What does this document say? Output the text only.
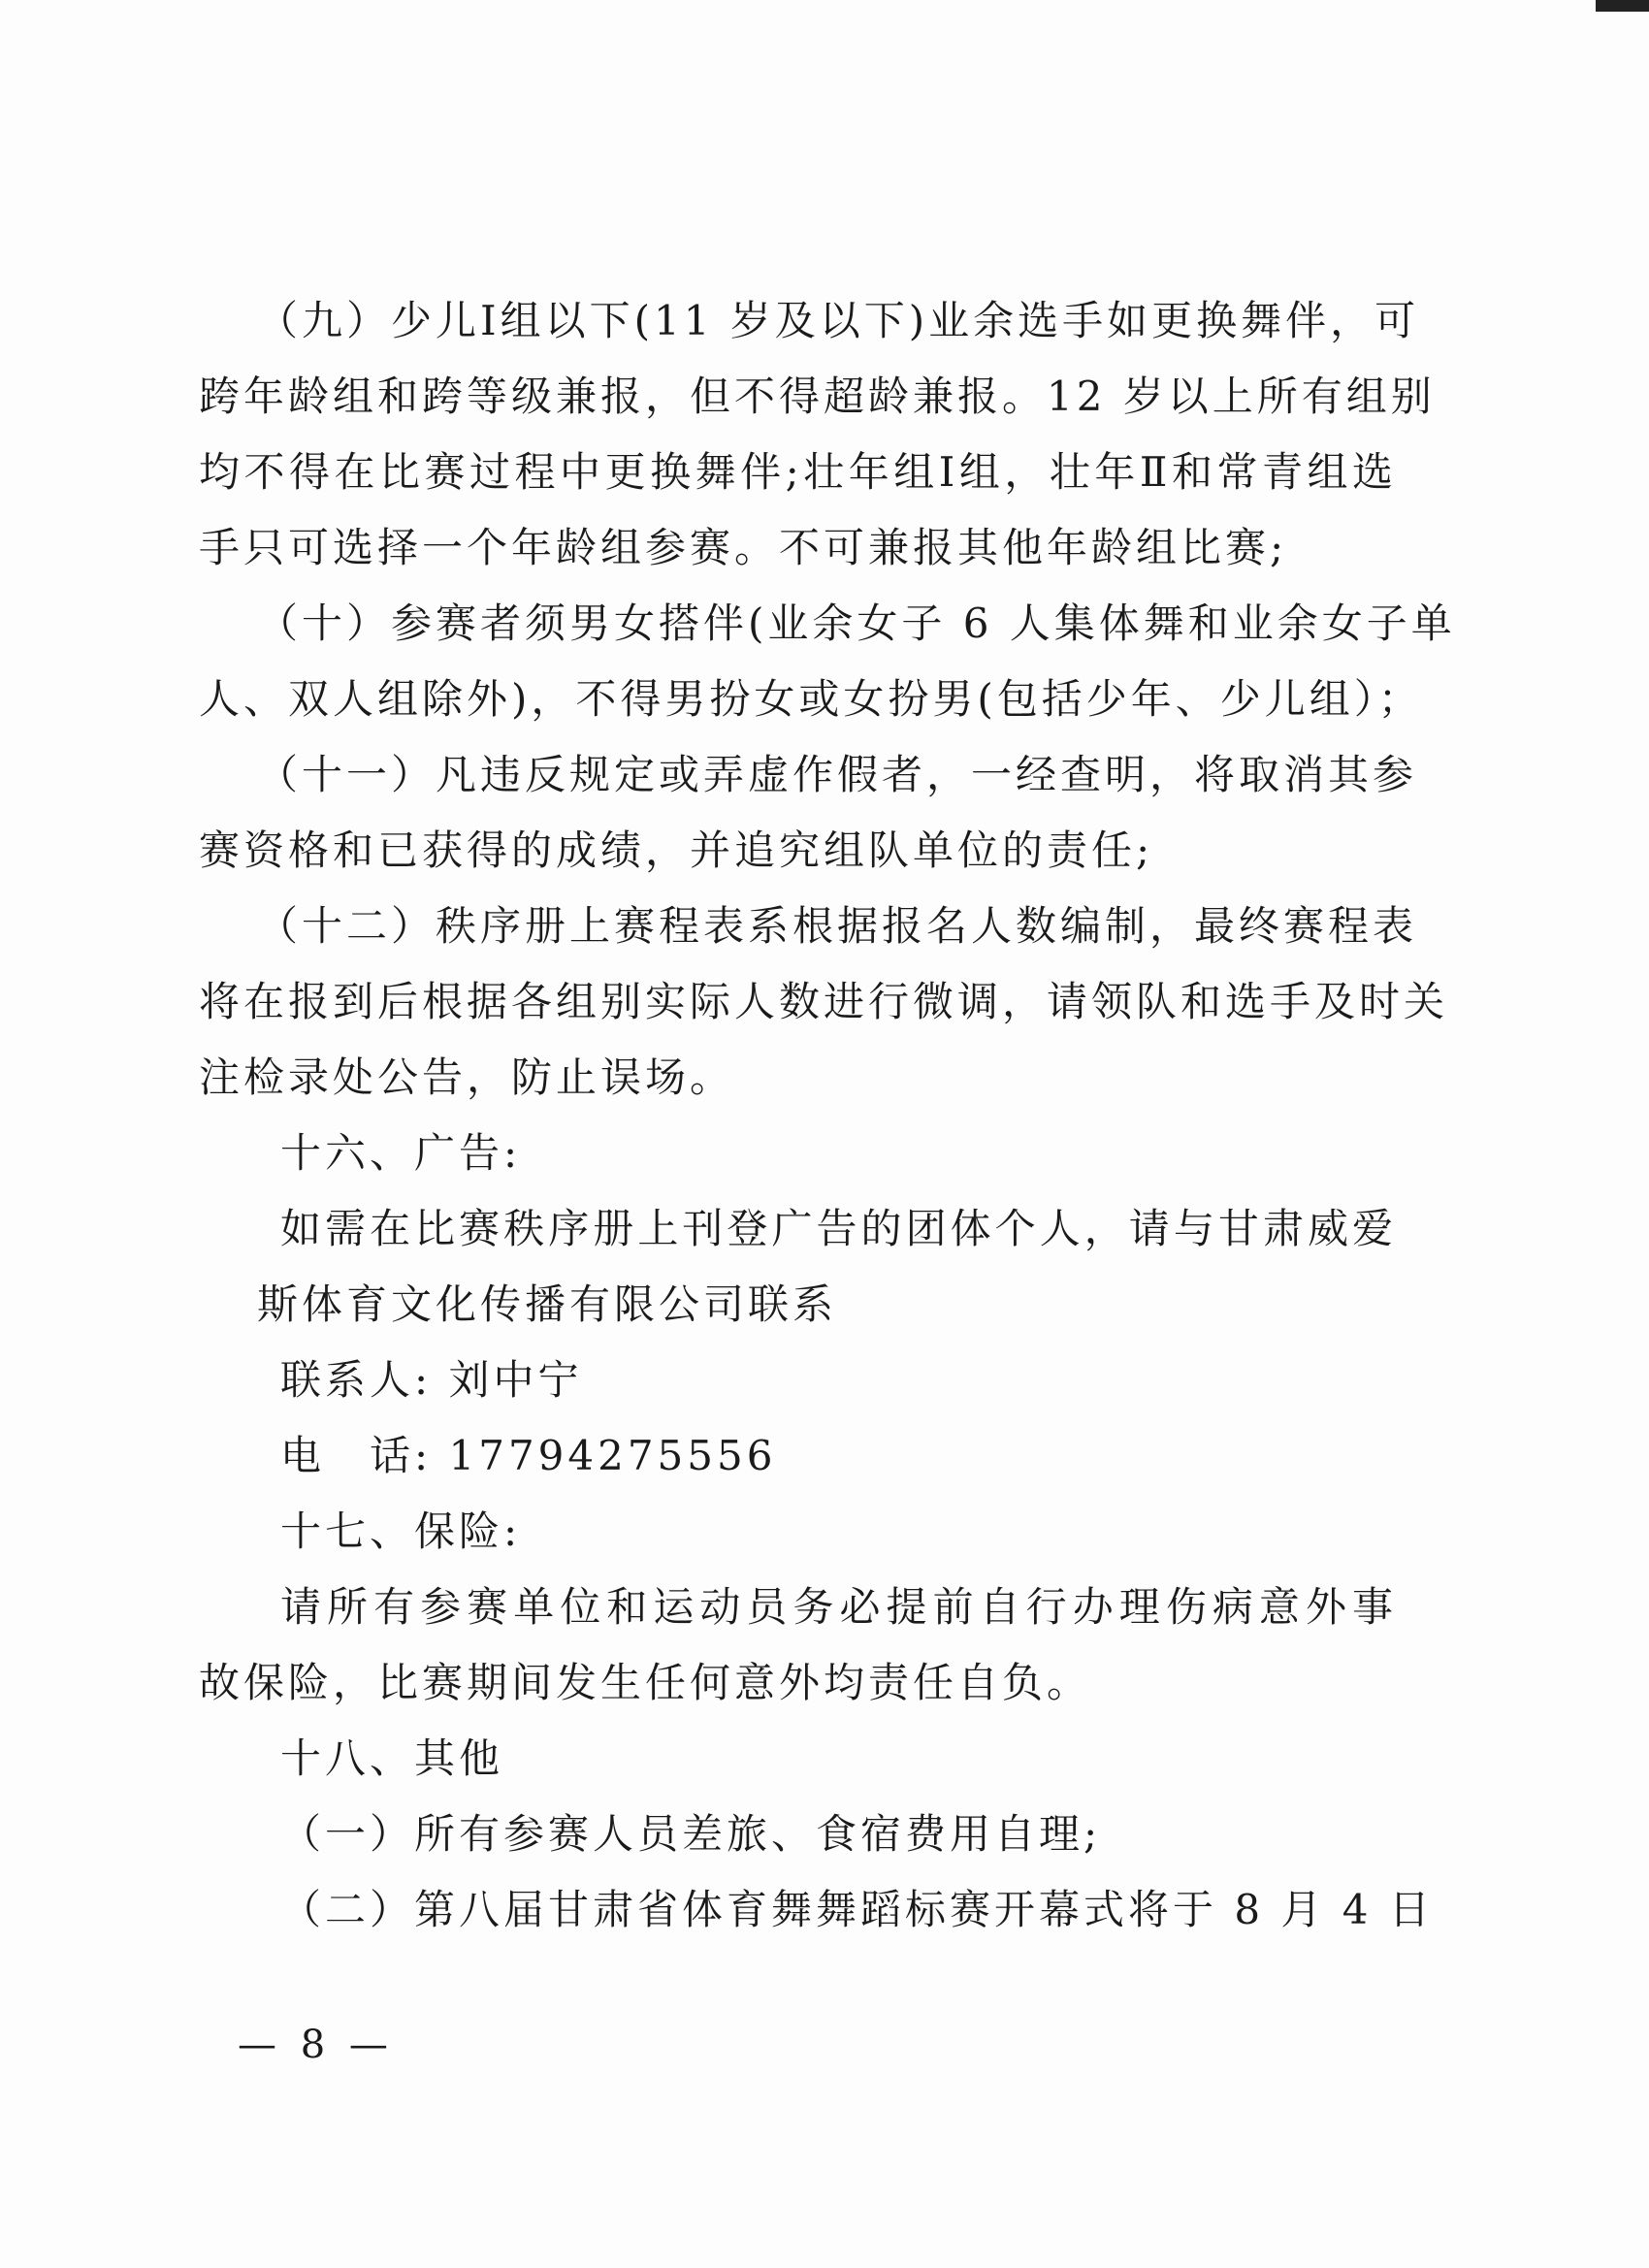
（九）少儿Ⅰ组以下(11 岁及以下)业余选手如更换舞伴，可
跨年龄组和跨等级兼报，但不得超龄兼报。12 岁以上所有组别
均不得在比赛过程中更换舞伴;壮年组Ⅰ组，壮年Ⅱ和常青组选
手只可选择一个年龄组参赛。不可兼报其他年龄组比赛;
（十）参赛者须男女搭伴(业余女子 6 人集体舞和业余女子单
人、双人组除外)，不得男扮女或女扮男(包括少年、少儿组）；
（十一）凡违反规定或弄虚作假者，一经查明，将取消其参
赛资格和已获得的成绩，并追究组队单位的责任;
（十二）秩序册上赛程表系根据报名人数编制，最终赛程表
将在报到后根据各组别实际人数进行微调，请领队和选手及时关
注检录处公告，防止误场。
十六、广告:
如需在比赛秩序册上刊登广告的团体个人，请与甘肃威爱
斯体育文化传播有限公司联系
联系人: 刘中宁
电　话: 17794275556
十七、保险:
请所有参赛单位和运动员务必提前自行办理伤病意外事
故保险，比赛期间发生任何意外均责任自负。
十八、其他
（一）所有参赛人员差旅、食宿费用自理;
（二）第八届甘肃省体育舞舞蹈标赛开幕式将于 8 月 4 日
— 8 —
